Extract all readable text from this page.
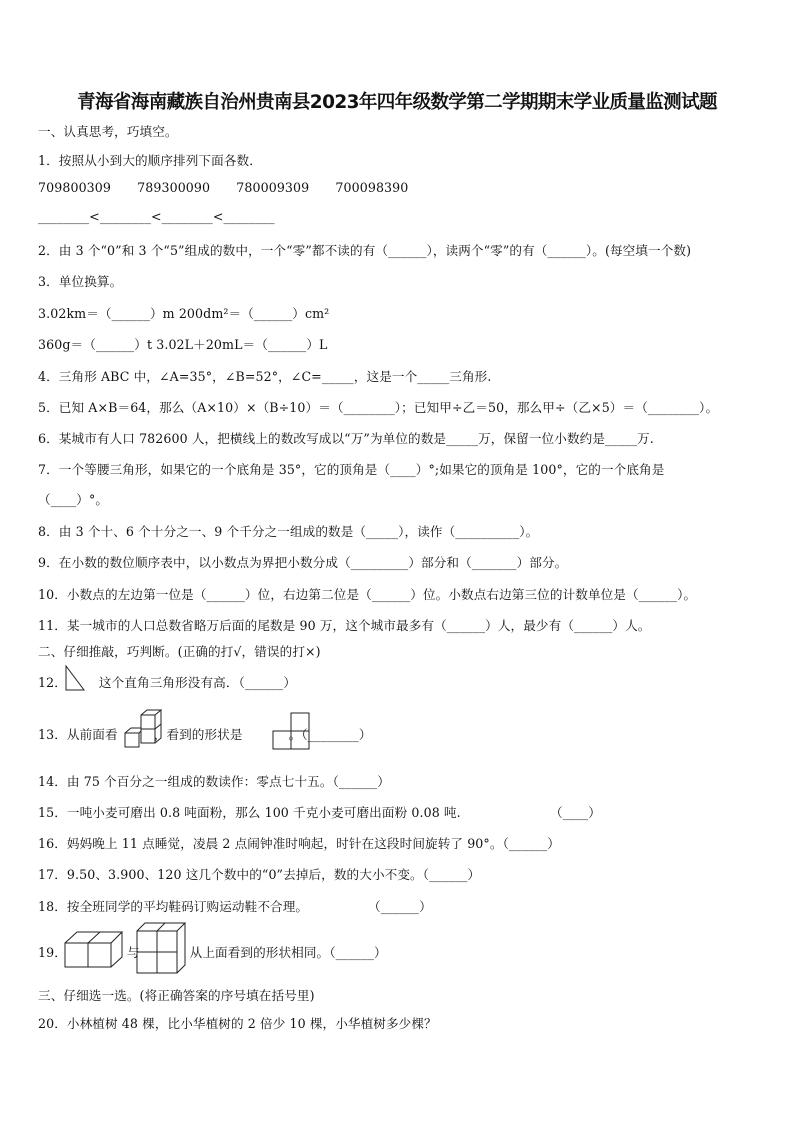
青海省海南藏族自治州贵南县2023年四年级数学第二学期期末学业质量监测试题
一、认真思考，巧填空。
1．按照从小到大的顺序排列下面各数．
709800309 789300090 780009309 700098390
________<________<________<________
2．由 3 个“0”和 3 个“5”组成的数中，一个“零”都不读的有（______），读两个“零”的有（______）。(每空填一个数)
3．单位换算。
3.02km＝（______）m 200dm²＝（______）cm²
360g＝（______）t 3.02L＋20mL＝（______）L
4．三角形 ABC 中，∠A=35°，∠B=52°，∠C=_____，这是一个_____三角形.
5．已知 A×B＝64，那么（A×10）×（B÷10）＝（________）；已知甲÷乙＝50，那么甲÷（乙×5）＝（________）。
6．某城市有人口 782600 人，把横线上的数改写成以“万”为单位的数是_____万，保留一位小数约是_____万.
7．一个等腰三角形，如果它的一个底角是 35°，它的顶角是（____）°;如果它的顶角是 100°，它的一个底角是
（____）°。
8．由 3 个十、6 个十分之一、9 个千分之一组成的数是（_____），读作（__________）。
9．在小数的数位顺序表中，以小数点为界把小数分成（_________）部分和（_______）部分。
10．小数点的左边第一位是（______）位，右边第二位是（______）位。小数点右边第三位的计数单位是（______）。
11．某一城市的人口总数省略万后面的尾数是 90 万，这个城市最多有（______）人，最少有（______）人。
二、仔细推敲，巧判断。(正确的打√，错误的打×)
12．	这个直角三角形没有高．（______）
13．从前面看	，看到的形状是	。（________）
14．由 75 个百分之一组成的数读作：零点七十五。（______）
15．一吨小麦可磨出 0.8 吨面粉，那么 100 千克小麦可磨出面粉 0.08 吨.	（____）
16．妈妈晚上 11 点睡觉，凌晨 2 点闹钟准时响起，时针在这段时间旋转了 90°。（______）
17．9.50、3.900、120 这几个数中的“0”去掉后，数的大小不变。（______）
18．按全班同学的平均鞋码订购运动鞋不合理。	（______）
19．	与	从上面看到的形状相同。（______）
三、仔细选一选。(将正确答案的序号填在括号里)
20．小林植树 48 棵，比小华植树的 2 倍少 10 棵，小华植树多少棵？
